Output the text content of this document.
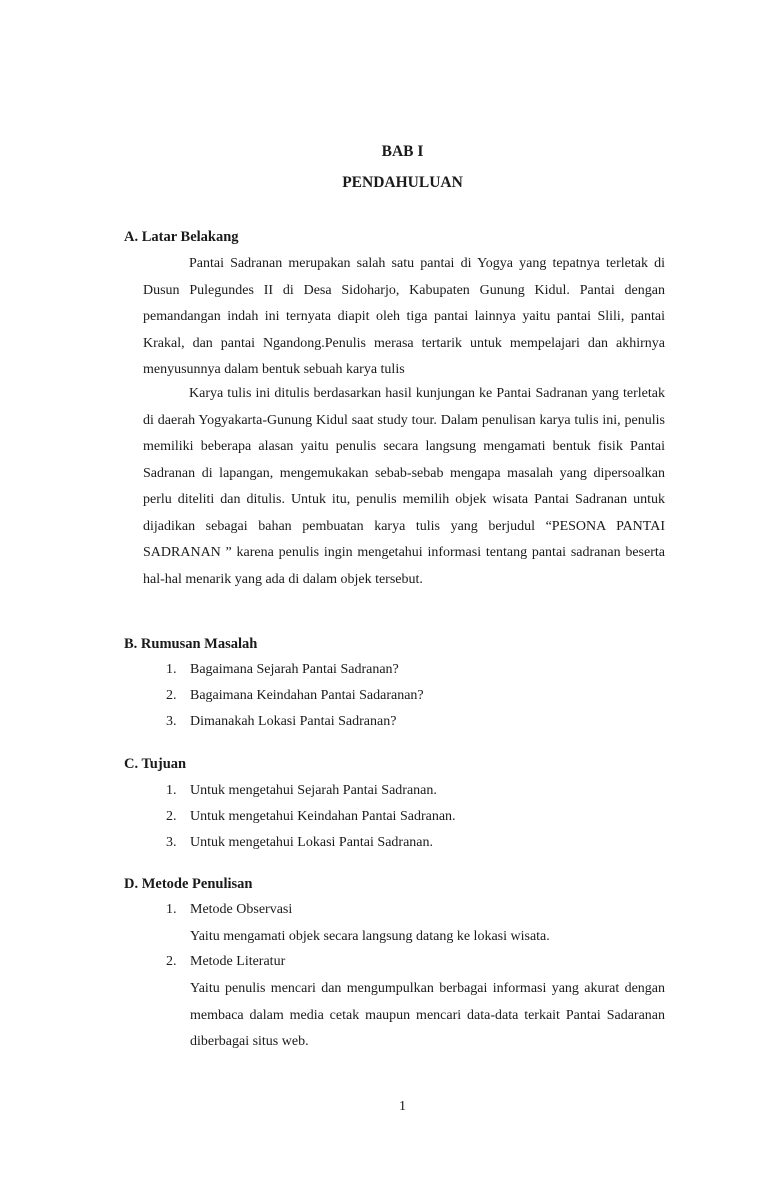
BAB I
PENDAHULUAN
A. Latar Belakang
Pantai Sadranan merupakan salah satu pantai di Yogya yang tepatnya terletak di Dusun Pulegundes II di Desa Sidoharjo, Kabupaten Gunung Kidul. Pantai dengan pemandangan indah ini ternyata diapit oleh tiga pantai lainnya yaitu pantai Slili, pantai Krakal, dan pantai Ngandong.Penulis merasa tertarik untuk mempelajari dan akhirnya menyusunnya dalam bentuk sebuah karya tulis
Karya tulis ini ditulis berdasarkan hasil kunjungan ke Pantai Sadranan yang terletak di daerah Yogyakarta-Gunung Kidul saat study tour. Dalam penulisan karya tulis ini, penulis memiliki beberapa alasan yaitu penulis secara langsung mengamati bentuk fisik Pantai Sadranan di lapangan, mengemukakan sebab-sebab mengapa masalah yang dipersoalkan perlu diteliti dan ditulis. Untuk itu, penulis memilih objek wisata Pantai Sadranan untuk dijadikan sebagai bahan pembuatan karya tulis yang berjudul “PESONA PANTAI SADRANAN ” karena penulis ingin mengetahui informasi tentang pantai sadranan beserta hal-hal menarik yang ada di dalam objek tersebut.
B. Rumusan Masalah
1. Bagaimana Sejarah Pantai Sadranan?
2. Bagaimana Keindahan Pantai Sadaranan?
3. Dimanakah Lokasi Pantai Sadranan?
C. Tujuan
1. Untuk mengetahui Sejarah Pantai Sadranan.
2. Untuk mengetahui Keindahan Pantai Sadranan.
3. Untuk mengetahui Lokasi Pantai Sadranan.
D. Metode Penulisan
1. Metode Observasi
Yaitu mengamati objek secara langsung datang ke lokasi wisata.
2. Metode Literatur
Yaitu penulis mencari dan mengumpulkan berbagai informasi yang akurat dengan membaca dalam media cetak maupun mencari data-data terkait Pantai Sadaranan diberbagai situs web.
1
